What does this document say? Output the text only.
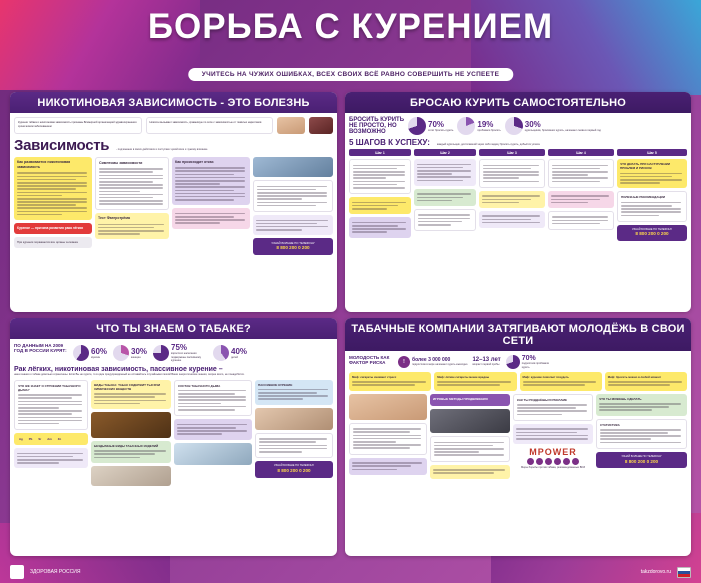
БОРЬБА С КУРЕНИЕМ
УЧИТЕСЬ НА ЧУЖИХ ОШИБКАХ, ВСЕХ СВОИХ ВСЁ РАВНО СОВЕРШИТЬ НЕ УСПЕЕТЕ
НИКОТИНОВАЯ ЗАВИСИМОСТЬ - ЭТО БОЛЕЗНЬ
Курение табака и никотиновая зависимость признаны Всемирной организацией здравоохранения хроническим заболеванием
Никотин вызывает зависимость, сравнимую по силе с зависимостью от тяжёлых наркотиков
Зависимость	- подчинение в своих действиях и поступках чужой воле и чужому влиянию
Как развивается никотиновая зависимость
Курение — причина развития рака лёгких
При курении поражаются все органы человека
Симптомы зависимости
Тест Фагерстрёма
Как происходит отказ
УЗНАЙ БОЛЬШЕ ПО ТЕЛЕФОНУ
8 800 200 0 200
БРОСАЮ КУРИТЬ САМОСТОЯТЕЛЬНО
БРОСИТЬ КУРИТЬ НЕ ПРОСТО, НО ВОЗМОЖНО
70%
хотят бросить курить
19%
пробовали бросить
30%
курильщиков, бросивших курить, начинают снова в первый год
5 ШАГОВ К УСПЕХУ:	каждый курильщик, достигавший через себя задачу бросить курить, добьётся успеха
Шаг 1	Шаг 2	Шаг 3	Шаг 4	Шаг 5
ЧТО ДЕЛАТЬ ПРИ НАСТУПЛЕНИИ ПРОБЛЕМ И РИСКОВ
ПОЛЕЗНЫЕ РЕКОМЕНДАЦИИ
УЗНАЙ БОЛЬШЕ ПО ТЕЛЕФОНУ
8 800 200 0 200
ЧТО ТЫ ЗНАЕМ О ТАБАКЕ?
ПО ДАННЫМ НА 2009 ГОД В РОССИИ КУРЯТ:	60%
мужчин
30%
женщин
75%
взрослого населения подвержены пассивному курению
40%
детей
Рак лёгких, никотиновая зависимость, пассивное курение –
наши знания о табаке довольно ограничены. Если Вы не курите, то в один предупреждённый не оставайтесь случайными пачкой Ваши энергетические знания, скорее всего, не понадобятся.
ЧТО ЖЕ ЗНАЕТ О СТРОЕНИИ ТАБАЧНОГО ДЫМА?
Ag	Pb	Sr	Am	Zn
ВИДЫ ТАБАКА: ТАБАК СОДЕРЖИТ ТЫСЯЧИ ХИМИЧЕСКИХ ВЕЩЕСТВ
БЕЗДЫМНЫЕ ВИДЫ ТАБАЧНЫХ ИЗДЕЛИЙ
СОСТАВ ТАБАЧНОГО ДЫМА	ПАССИВНОЕ КУРЕНИЕ
УЗНАЙ БОЛЬШЕ ПО ТЕЛЕФОНУ
8 800 200 0 200
ТАБАЧНЫЕ КОМПАНИИ ЗАТЯГИВАЮТ МОЛОДЁЖЬ В СВОИ СЕТИ
МОЛОДОСТЬ КАК ФАКТОР РИСКА	!	более 3 000 000
подростков в мире начинают курить ежегодно
12–13 лет
возраст первой пробы
70%
подростков пробовали курить
Миф: сигареты снимают стресс	Миф: лёгкие сигареты менее вредны	Миф: курение помогает похудеть	Миф: бросить можно в любой момент
ИГРОВЫЕ МЕТОДЫ ПРОДВИЖЕНИЯ	КАК ТЫ ПОДДАЁШЬСЯ РЕКЛАМЕ
MPOWER
Меры борьбы против табака, рекомендованные ВОЗ
ЧТО ТЫ МОЖЕШЬ СДЕЛАТЬ
СТАТИСТИКА
УЗНАЙ БОЛЬШЕ ПО ТЕЛЕФОНУ
8 800 200 0 200
ЗДОРОВАЯ РОССИЯ	takzdorovo.ru
